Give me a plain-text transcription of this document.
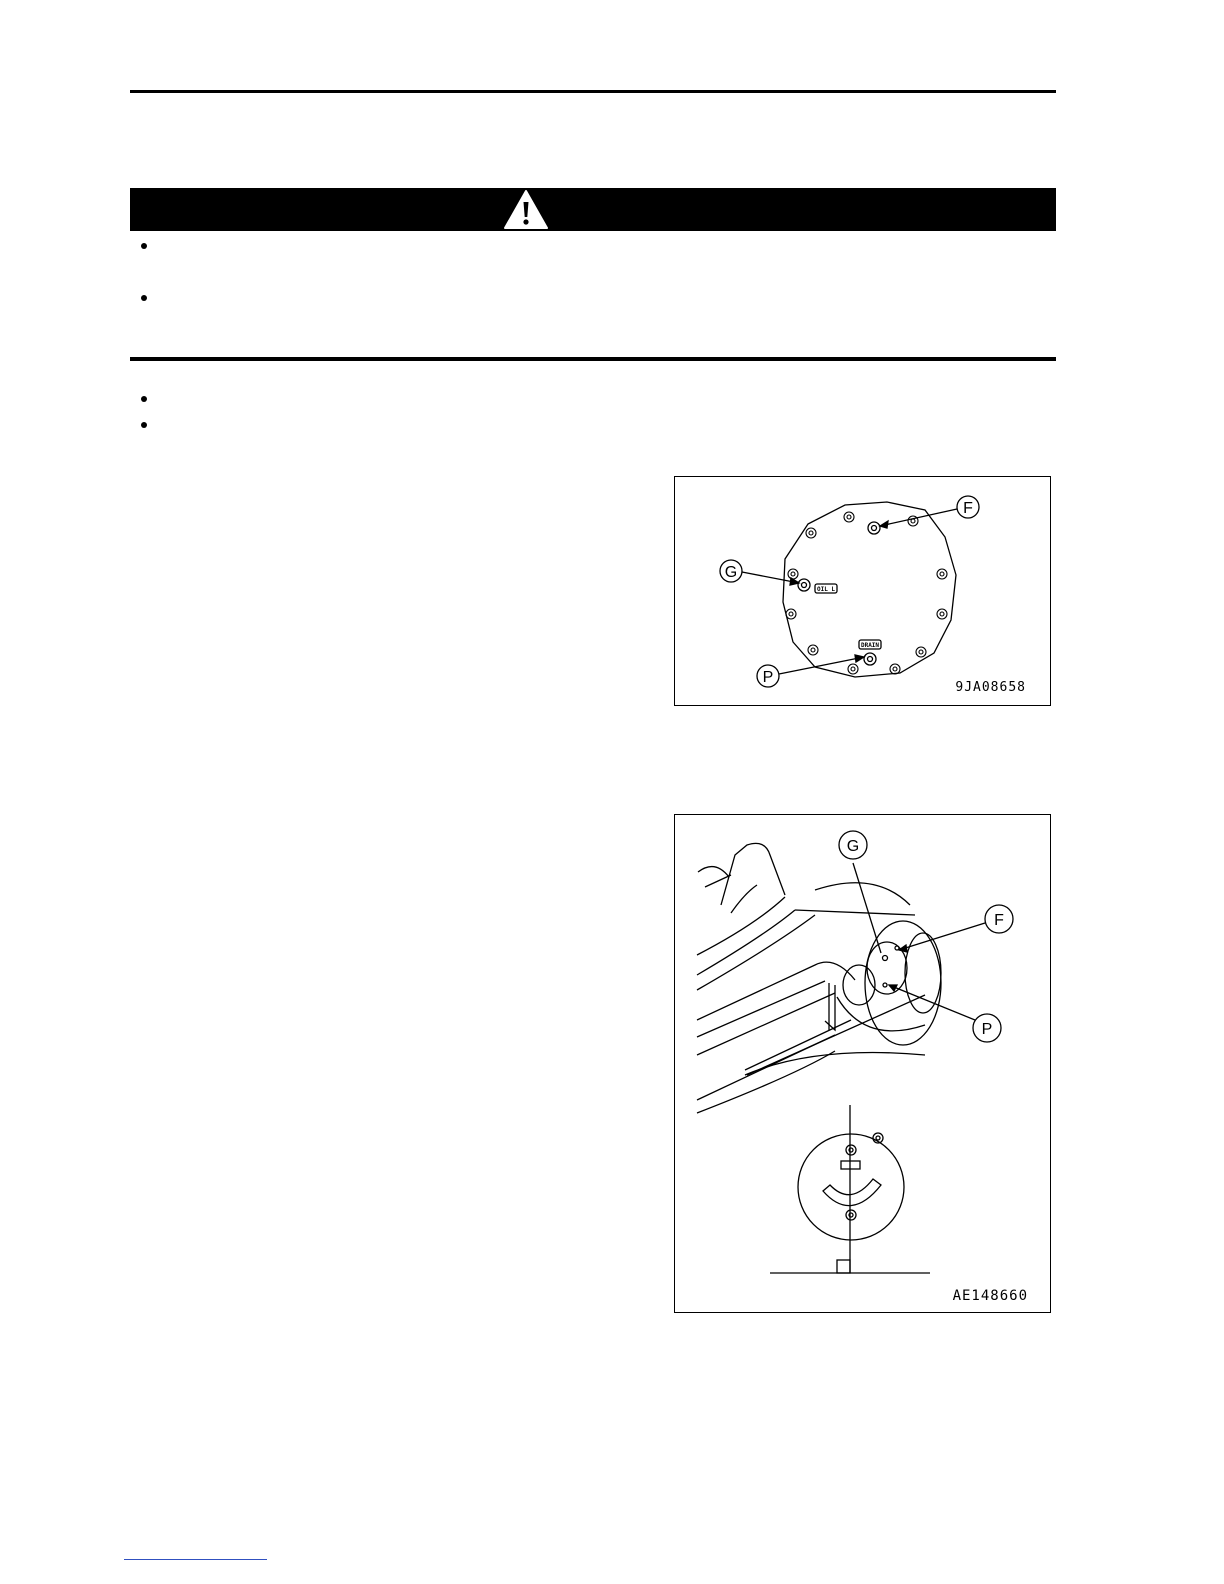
F
G
P
OIL L
DRAIN
9JA08658
G
F
P
AE148660
